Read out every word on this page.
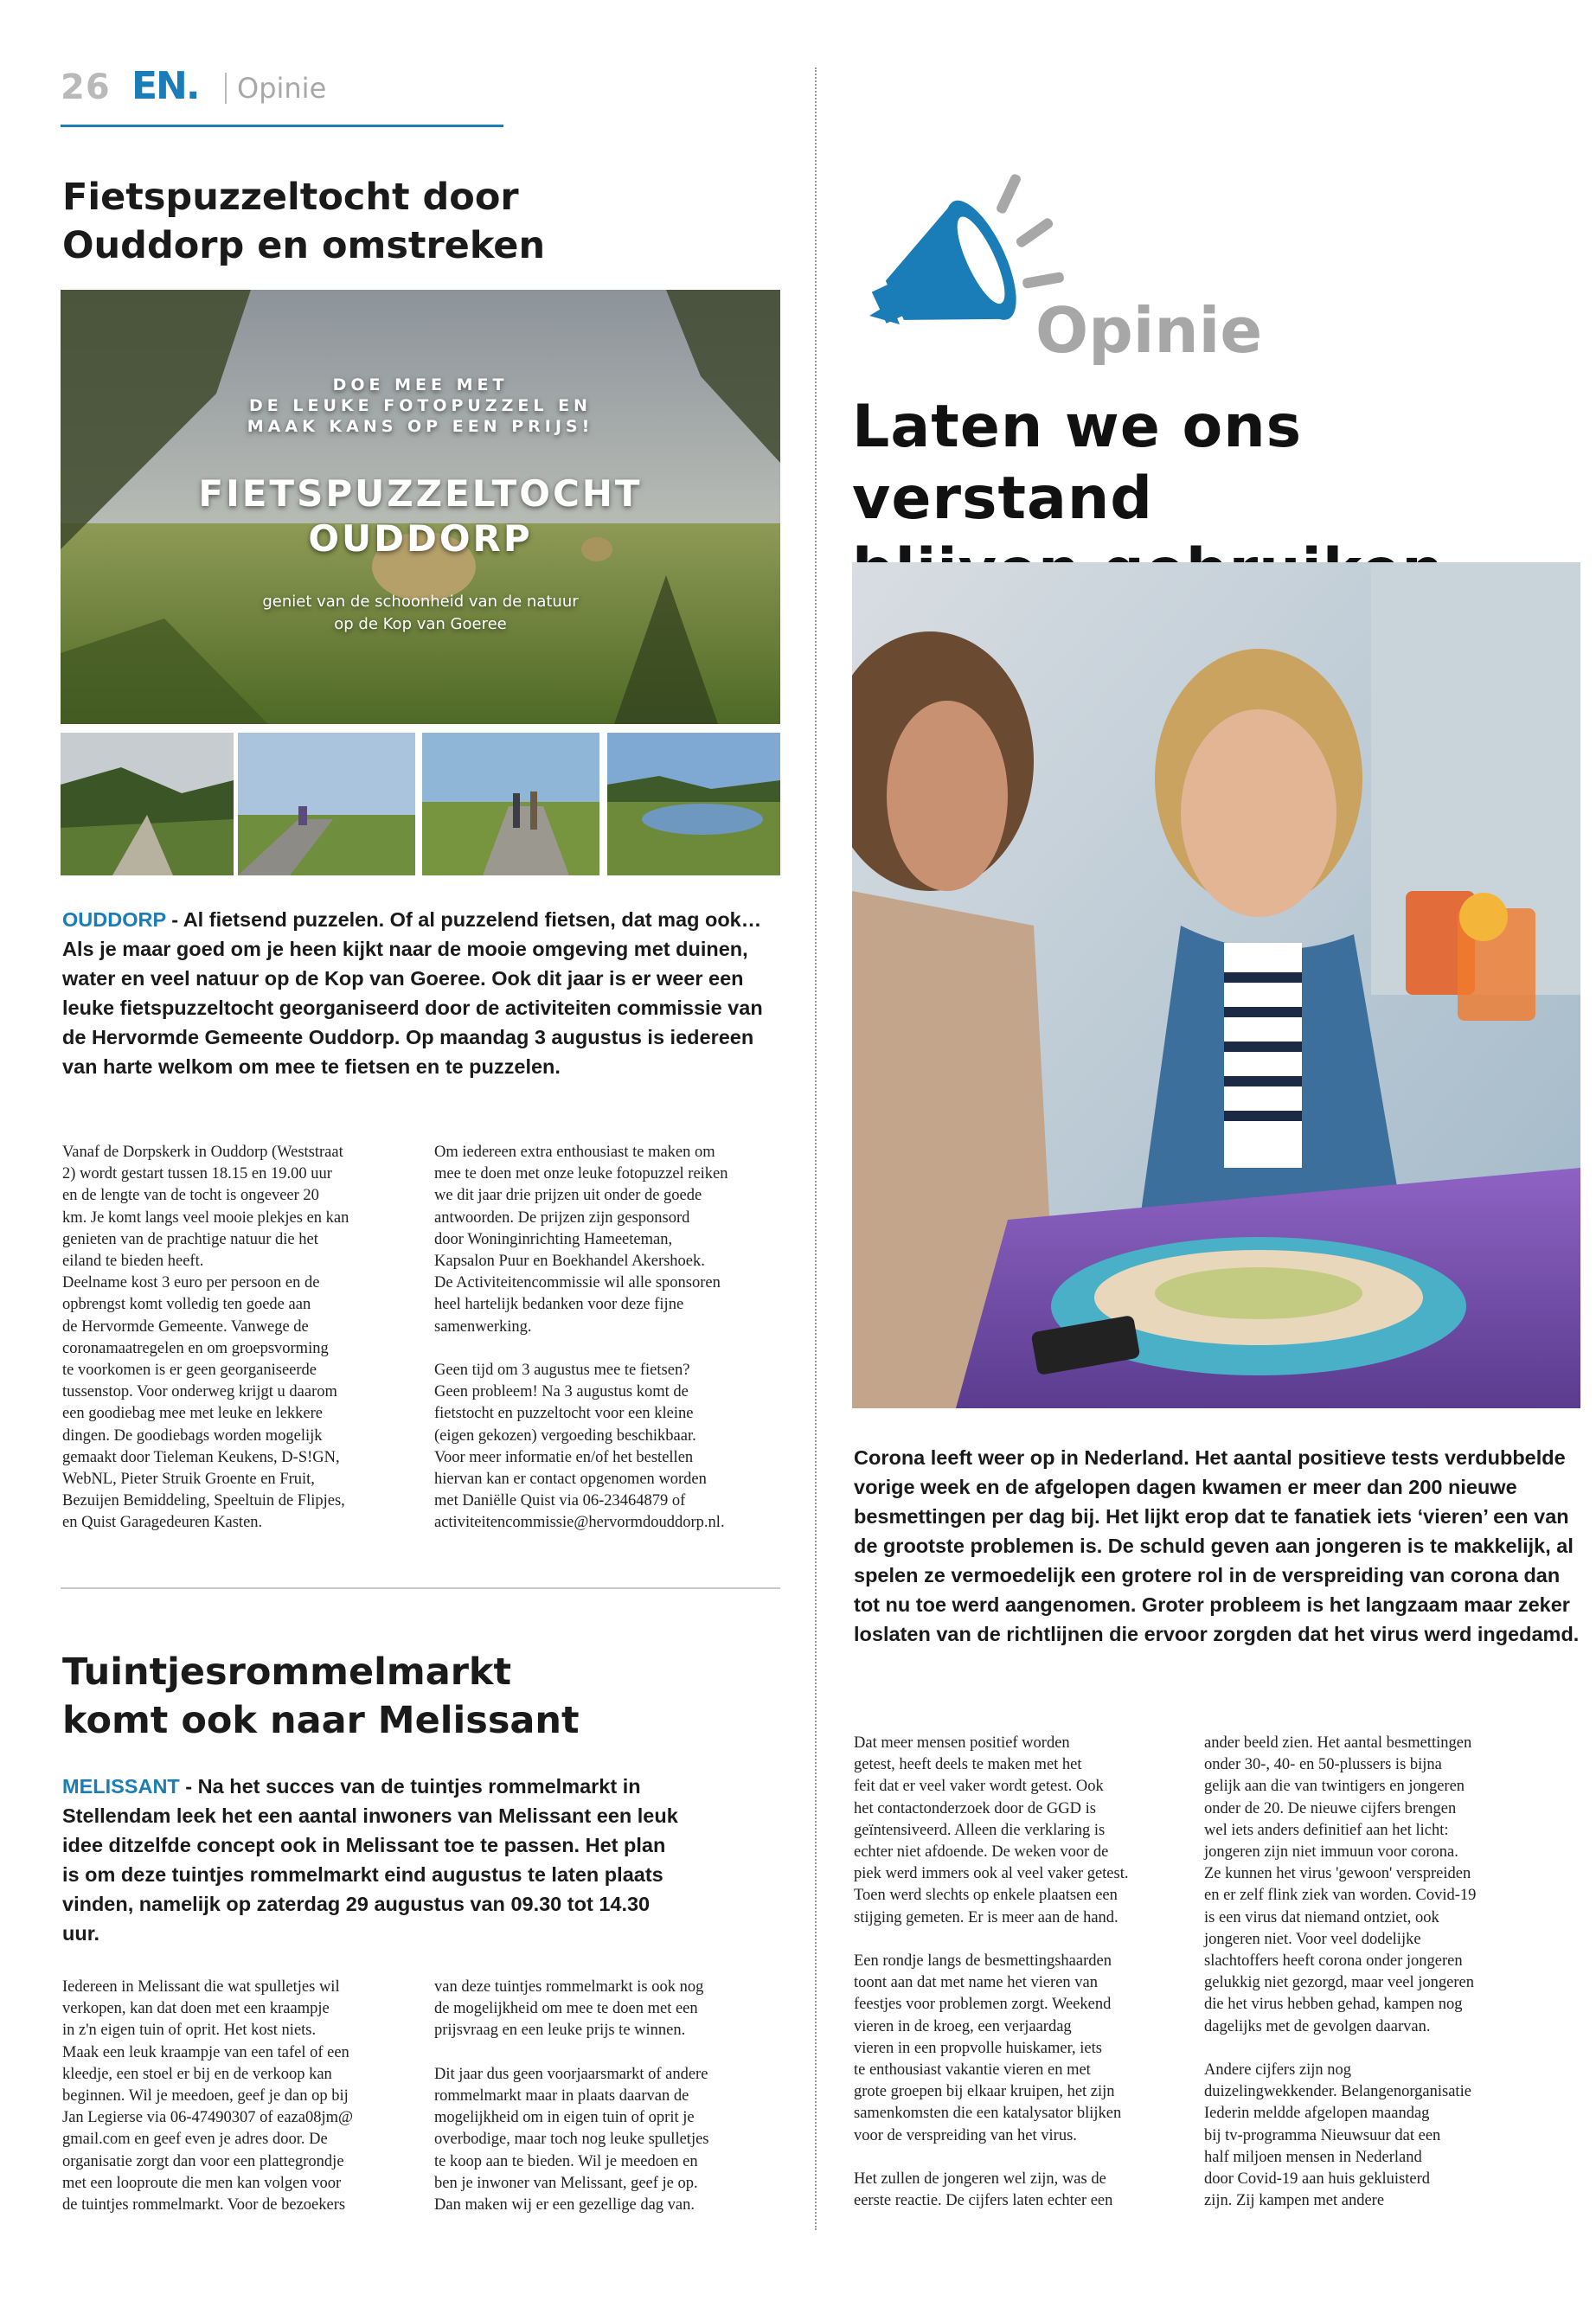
26 EN.	Opinie
Fietspuzzeltocht door
Ouddorp en omstreken
DOE MEE MET
DE LEUKE FOTOPUZZEL EN
MAAK KANS OP EEN PRIJS!
FIETSPUZZELTOCHT
OUDDORP
geniet van de schoonheid van de natuur
op de Kop van Goeree
OUDDORP - Al fietsend puzzelen. Of al puzzelend fietsen, dat mag ook… Als je maar goed om je heen kijkt naar de mooie omgeving met duinen, water en veel natuur op de Kop van Goeree. Ook dit jaar is er weer een leuke fietspuzzeltocht georganiseerd door de activiteiten commissie van de Hervormde Gemeente Ouddorp. Op maandag 3 augustus is iedereen van harte welkom om mee te fietsen en te puzzelen.
Vanaf de Dorpskerk in Ouddorp (Weststraat
2) wordt gestart tussen 18.15 en 19.00 uur
en de lengte van de tocht is ongeveer 20
km. Je komt langs veel mooie plekjes en kan
genieten van de prachtige natuur die het
eiland te bieden heeft.
Deelname kost 3 euro per persoon en de
opbrengst komt volledig ten goede aan
de Hervormde Gemeente. Vanwege de
coronamaatregelen en om groepsvorming
te voorkomen is er geen georganiseerde
tussenstop. Voor onderweg krijgt u daarom
een goodiebag mee met leuke en lekkere
dingen. De goodiebags worden mogelijk
gemaakt door Tieleman Keukens, D-S!GN,
WebNL, Pieter Struik Groente en Fruit,
Bezuijen Bemiddeling, Speeltuin de Flipjes,
en Quist Garagedeuren Kasten.
Om iedereen extra enthousiast te maken om
mee te doen met onze leuke fotopuzzel reiken
we dit jaar drie prijzen uit onder de goede
antwoorden. De prijzen zijn gesponsord
door Woninginrichting Hameeteman,
Kapsalon Puur en Boekhandel Akershoek.
De Activiteitencommissie wil alle sponsoren
heel hartelijk bedanken voor deze fijne
samenwerking.

Geen tijd om 3 augustus mee te fietsen?
Geen probleem! Na 3 augustus komt de
fietstocht en puzzeltocht voor een kleine
(eigen gekozen) vergoeding beschikbaar.
Voor meer informatie en/of het bestellen
hiervan kan er contact opgenomen worden
met Daniëlle Quist via 06-23464879 of
activiteitencommissie@hervormdouddorp.nl.
Tuintjesrommelmarkt
komt ook naar Melissant
MELISSANT - Na het succes van de tuintjes rommelmarkt in Stellendam leek het een aantal inwoners van Melissant een leuk idee ditzelfde concept ook in Melissant toe te passen. Het plan is om deze tuintjes rommelmarkt eind augustus te laten plaats vinden, namelijk op zaterdag 29 augustus van 09.30 tot 14.30 uur.
Iedereen in Melissant die wat spulletjes wil
verkopen, kan dat doen met een kraampje
in z'n eigen tuin of oprit. Het kost niets.
Maak een leuk kraampje van een tafel of een
kleedje, een stoel er bij en de verkoop kan
beginnen. Wil je meedoen, geef je dan op bij
Jan Legierse via 06-47490307 of eaza08jm@
gmail.com en geef even je adres door. De
organisatie zorgt dan voor een plattegrondje
met een looproute die men kan volgen voor
de tuintjes rommelmarkt. Voor de bezoekers
van deze tuintjes rommelmarkt is ook nog
de mogelijkheid om mee te doen met een
prijsvraag en een leuke prijs te winnen.

Dit jaar dus geen voorjaarsmarkt of andere
rommelmarkt maar in plaats daarvan de
mogelijkheid om in eigen tuin of oprit je
overbodige, maar toch nog leuke spulletjes
te koop aan te bieden. Wil je meedoen en
ben je inwoner van Melissant, geef je op.
Dan maken wij er een gezellige dag van.
Opinie
Laten we ons verstand
Corona leeft weer op in Nederland. Het aantal positieve tests verdubbelde vorige week en de afgelopen dagen kwamen er meer dan 200 nieuwe besmettingen per dag bij. Het lijkt erop dat te fanatiek iets ‘vieren’ een van de grootste problemen is. De schuld geven aan jongeren is te makkelijk, al spelen ze vermoedelijk een grotere rol in de verspreiding van corona dan tot nu toe werd aangenomen. Groter probleem is het langzaam maar zeker loslaten van de richtlijnen die ervoor zorgden dat het virus werd ingedamd.
Dat meer mensen positief worden
getest, heeft deels te maken met het
feit dat er veel vaker wordt getest. Ook
het contactonderzoek door de GGD is
geïntensiveerd. Alleen die verklaring is
echter niet afdoende. De weken voor de
piek werd immers ook al veel vaker getest.
Toen werd slechts op enkele plaatsen een
stijging gemeten. Er is meer aan de hand.

Een rondje langs de besmettingshaarden
toont aan dat met name het vieren van
feestjes voor problemen zorgt. Weekend
vieren in de kroeg, een verjaardag
vieren in een propvolle huiskamer, iets
te enthousiast vakantie vieren en met
grote groepen bij elkaar kruipen, het zijn
samenkomsten die een katalysator blijken
voor de verspreiding van het virus.

Het zullen de jongeren wel zijn, was de
eerste reactie. De cijfers laten echter een
ander beeld zien. Het aantal besmettingen
onder 30-, 40- en 50-plussers is bijna
gelijk aan die van twintigers en jongeren
onder de 20. De nieuwe cijfers brengen
wel iets anders definitief aan het licht:
jongeren zijn niet immuun voor corona.
Ze kunnen het virus 'gewoon' verspreiden
en er zelf flink ziek van worden. Covid-19
is een virus dat niemand ontziet, ook
jongeren niet. Voor veel dodelijke
slachtoffers heeft corona onder jongeren
gelukkig niet gezorgd, maar veel jongeren
die het virus hebben gehad, kampen nog
dagelijks met de gevolgen daarvan.

Andere cijfers zijn nog
duizelingwekkender. Belangenorganisatie
Iederin meldde afgelopen maandag
bij tv-programma Nieuwsuur dat een
half miljoen mensen in Nederland
door Covid-19 aan huis gekluisterd
zijn. Zij kampen met andere
